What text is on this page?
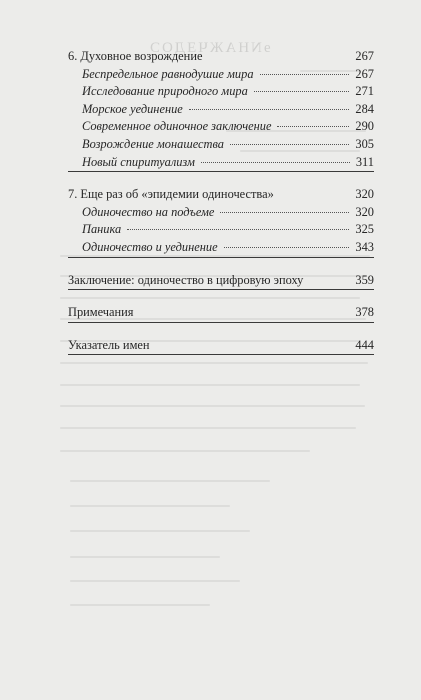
ɘNHAЖЧƎДOƆ
6. Духовное возрождение	267
Беспредельное равнодушие мира	267
Исследование природного мира	271
Морское уединение	284
Современное одиночное заключение	290
Возрождение монашества	305
Новый спиритуализм	311
7. Еще раз об «эпидемии одиночества»	320
Одиночество на подъеме	320
Паника	325
Одиночество и уединение	343
Заключение: одиночество в цифровую эпоху	359
Примечания	378
Указатель имен	444
